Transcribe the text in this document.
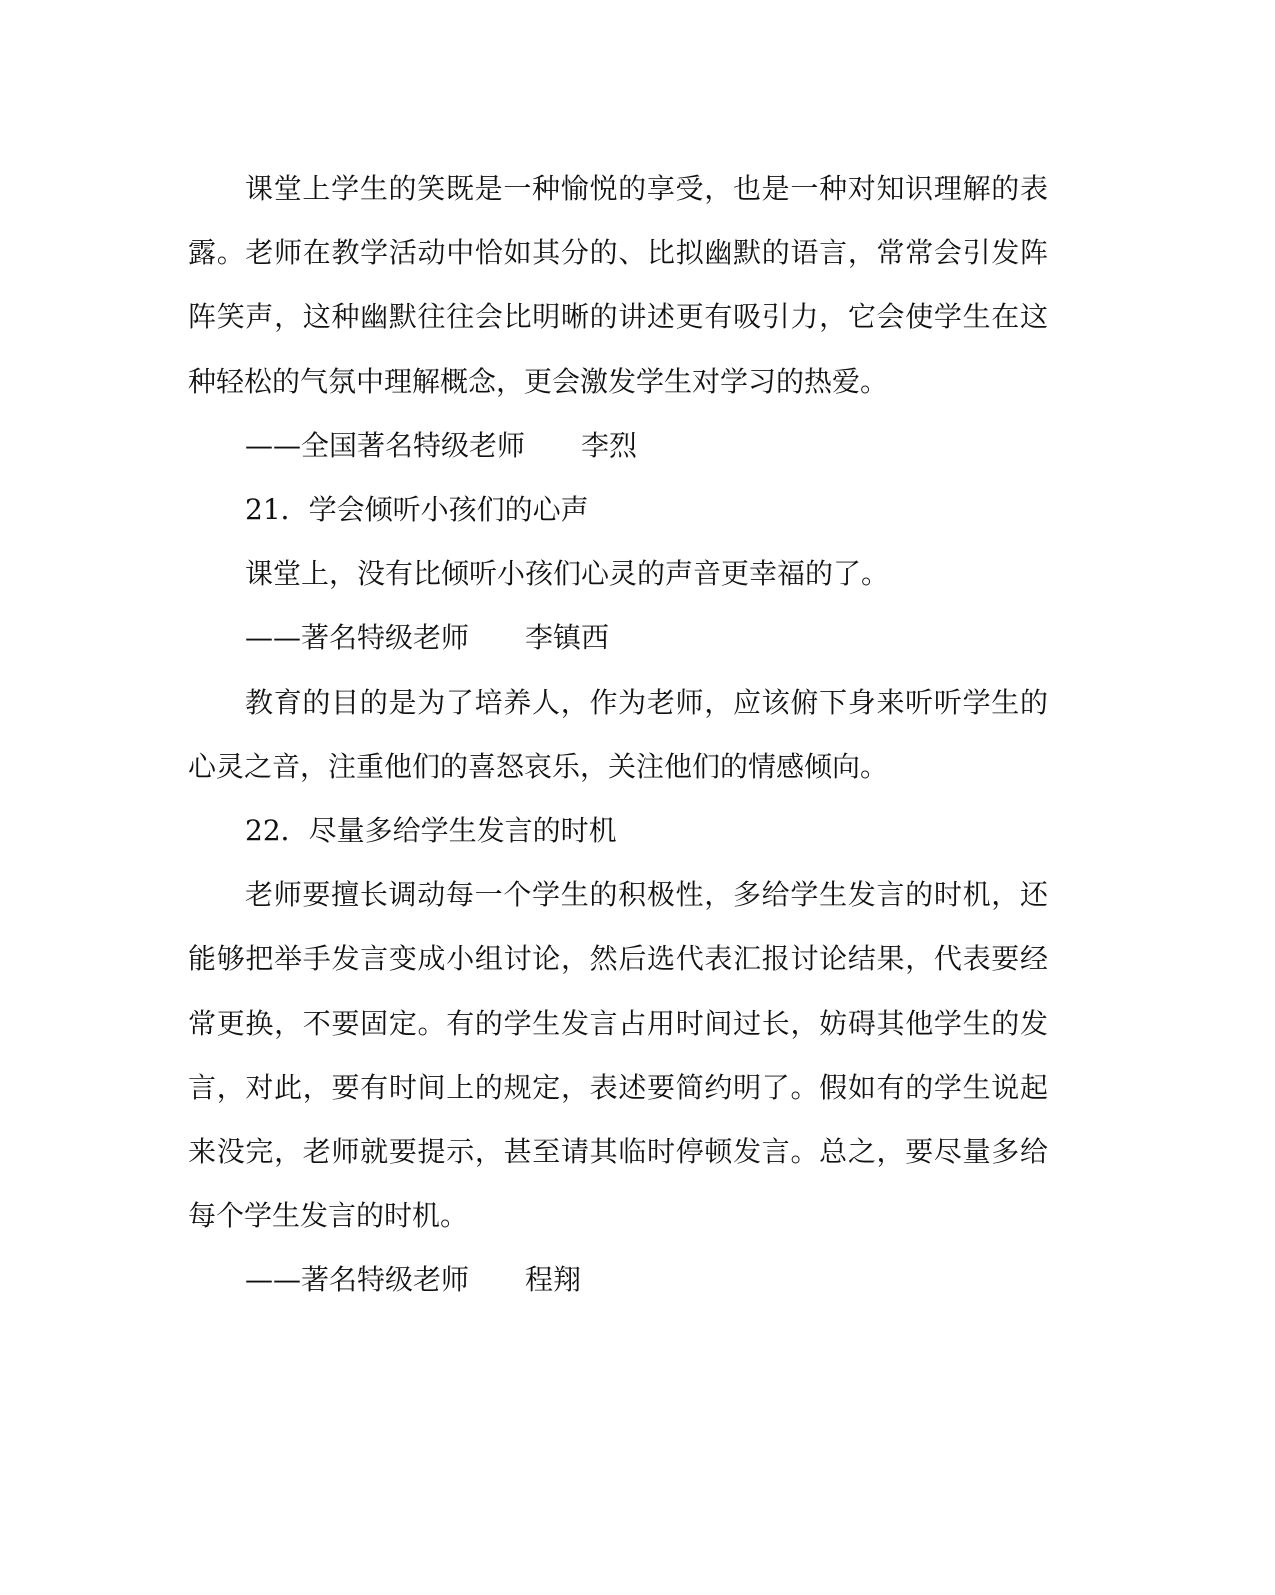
课堂上学生的笑既是一种愉悦的享受，也是一种对知识理解的表露。老师在教学活动中恰如其分的、比拟幽默的语言，常常会引发阵阵笑声，这种幽默往往会比明晰的讲述更有吸引力，它会使学生在这种轻松的气氛中理解概念，更会激发学生对学习的热爱。

——全国著名特级老师 李烈

21．学会倾听小孩们的心声

课堂上，没有比倾听小孩们心灵的声音更幸福的了。

——著名特级老师 李镇西

教育的目的是为了培养人，作为老师，应该俯下身来听听学生的心灵之音，注重他们的喜怒哀乐，关注他们的情感倾向。

22．尽量多给学生发言的时机

老师要擅长调动每一个学生的积极性，多给学生发言的时机，还能够把举手发言变成小组讨论，然后选代表汇报讨论结果，代表要经常更换，不要固定。有的学生发言占用时间过长，妨碍其他学生的发言，对此，要有时间上的规定，表述要简约明了。假如有的学生说起来没完，老师就要提示，甚至请其临时停顿发言。总之，要尽量多给每个学生发言的时机。

——著名特级老师 程翔
